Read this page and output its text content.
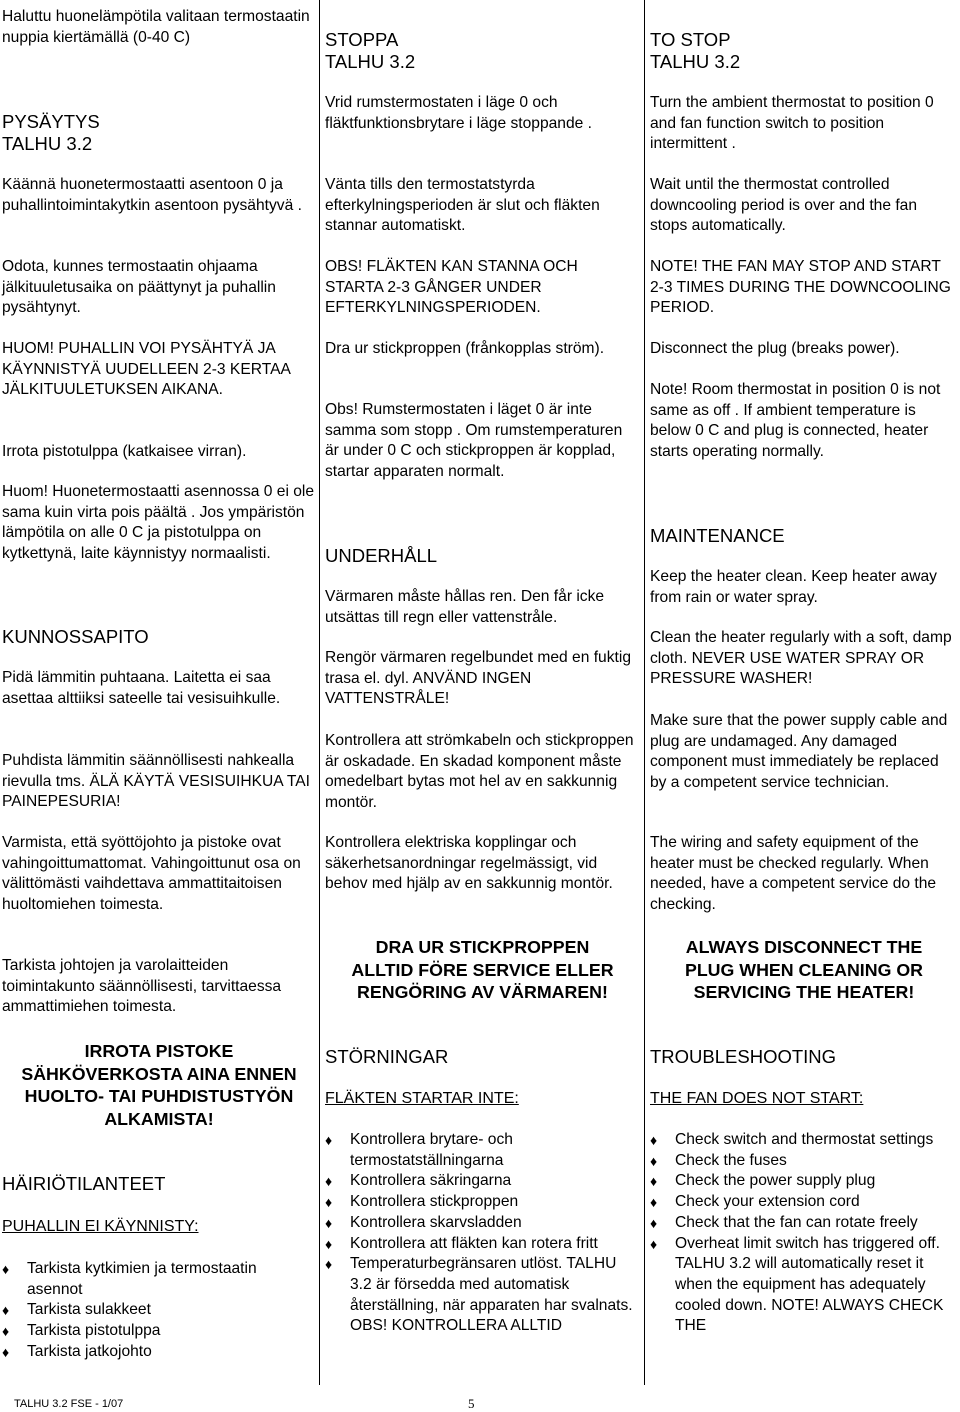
Haluttu huonelämpötila valitaan termostaatin nuppia kiertämällä (0-40 C)

PYSÄYTYS

TALHU 3.2

Käännä huonetermostaatti asentoon 0 ja puhallintoimintakytkin asentoon pysähtyvä .
Odota, kunnes termostaatin ohjaama jälkituuletusaika on päättynyt ja puhallin pysähtynyt.
HUOM! PUHALLIN VOI PYSÄHTYÄ JA KÄYNNISTYÄ UUDELLEEN 2-3 KERTAA JÄLKITUULETUKSEN AIKANA.
Irrota pistotulppa (katkaisee virran).
Huom! Huonetermostaatti asennossa 0 ei ole sama kuin virta pois päältä . Jos ympäristön lämpötila on alle 0 C ja pistotulppa on kytkettynä, laite käynnistyy normaalisti.
KUNNOSSAPITO
Pidä lämmitin puhtaana. Laitetta ei saa asettaa alttiiksi sateelle tai vesisuihkulle.
Puhdista lämmitin säännöllisesti nahkealla rievulla tms. ÄLÄ KÄYTÄ VESISUIHKUA TAI PAINEPESURIA!
Varmista, että syöttöjohto ja pistoke ovat vahingoittumattomat. Vahingoittunut osa on välittömästi vaihdettava ammattitaitoisen huoltomiehen toimesta.
Tarkista johtojen ja varolaitteiden toimintakunto säännöllisesti, tarvittaessa ammattimiehen toimesta.

IRROTA PISTOKE

SÄHKÖVERKOSTA AINA ENNEN

HUOLTO- TAI PUHDISTUSTYÖN

ALKAMISTA!

HÄIRIÖTILANTEET
PUHALLIN EI KÄYNNISTY:
♦ Tarkista kytkimien ja termostaatin asennot
♦ Tarkista sulakkeet
♦ Tarkista pistotulppa
♦ Tarkista jatkojohto

STOPPA

TALHU 3.2

Vrid rumstermostaten i läge 0 och fläktfunktionsbrytare i läge stoppande .
Vänta tills den termostatstyrda efterkylningsperioden är slut och fläkten stannar automatiskt.
OBS! FLÄKTEN KAN STANNA OCH STARTA 2-3 GÅNGER UNDER EFTERKYLNINGSPERIODEN.
Dra ur stickproppen (frånkopplas ström).
Obs! Rumstermostaten i läget 0 är inte samma som stopp . Om rumstemperaturen är under 0 C och stickproppen är kopplad, startar apparaten normalt.
UNDERHÅLL
Värmaren måste hållas ren. Den får icke utsättas till regn eller vattenstråle.
Rengör värmaren regelbundet med en fuktig trasa el. dyl. ANVÄND INGEN VATTENSTRÅLE!
Kontrollera att strömkabeln och stickproppen är oskadade. En skadad komponent måste omedelbart bytas mot hel av en sakkunnig montör.
Kontrollera elektriska kopplingar och säkerhetsanordningar regelmässigt, vid behov med hjälp av en sakkunnig montör.

DRA UR STICKPROPPEN

ALLTID FÖRE SERVICE ELLER

RENGÖRING AV VÄRMAREN!

STÖRNINGAR
FLÄKTEN STARTAR INTE:
♦ Kontrollera brytare- och termostatställningarna
♦ Kontrollera säkringarna
♦ Kontrollera stickproppen
♦ Kontrollera skarvsladden
♦ Kontrollera att fläkten kan rotera fritt
♦ Temperaturbegränsaren utlöst. TALHU 3.2 är försedda med automatisk återställning, när apparaten har svalnats. OBS! KONTROLLERA ALLTID

TO STOP

TALHU 3.2

Turn the ambient thermostat to position 0 and fan function switch to position intermittent .
Wait until the thermostat controlled downcooling period is over and the fan stops automatically.
NOTE! THE FAN MAY STOP AND START 2-3 TIMES DURING THE DOWNCOOLING PERIOD.
Disconnect the plug (breaks power).
Note! Room thermostat in position 0 is not same as off . If ambient temperature is below 0 C and plug is connected, heater starts operating normally.
MAINTENANCE
Keep the heater clean. Keep heater away from rain or water spray.
Clean the heater regularly with a soft, damp cloth. NEVER USE WATER SPRAY OR PRESSURE WASHER!
Make sure that the power supply cable and plug are undamaged. Any damaged component must immediately be replaced by a competent service technician.
The wiring and safety equipment of the heater must be checked regularly. When needed, have a competent service do the checking.

ALWAYS DISCONNECT THE

PLUG WHEN CLEANING OR

SERVICING THE HEATER!

TROUBLESHOOTING
THE FAN DOES NOT START:
♦ Check switch and thermostat settings
♦ Check the fuses
♦ Check the power supply plug
♦ Check your extension cord
♦ Check that the fan can rotate freely
♦ Overheat limit switch has triggered off. TALHU 3.2 will automatically reset it when the equipment has adequately cooled down. NOTE! ALWAYS CHECK THE
TALHU 3.2 FSE - 1/07	5
